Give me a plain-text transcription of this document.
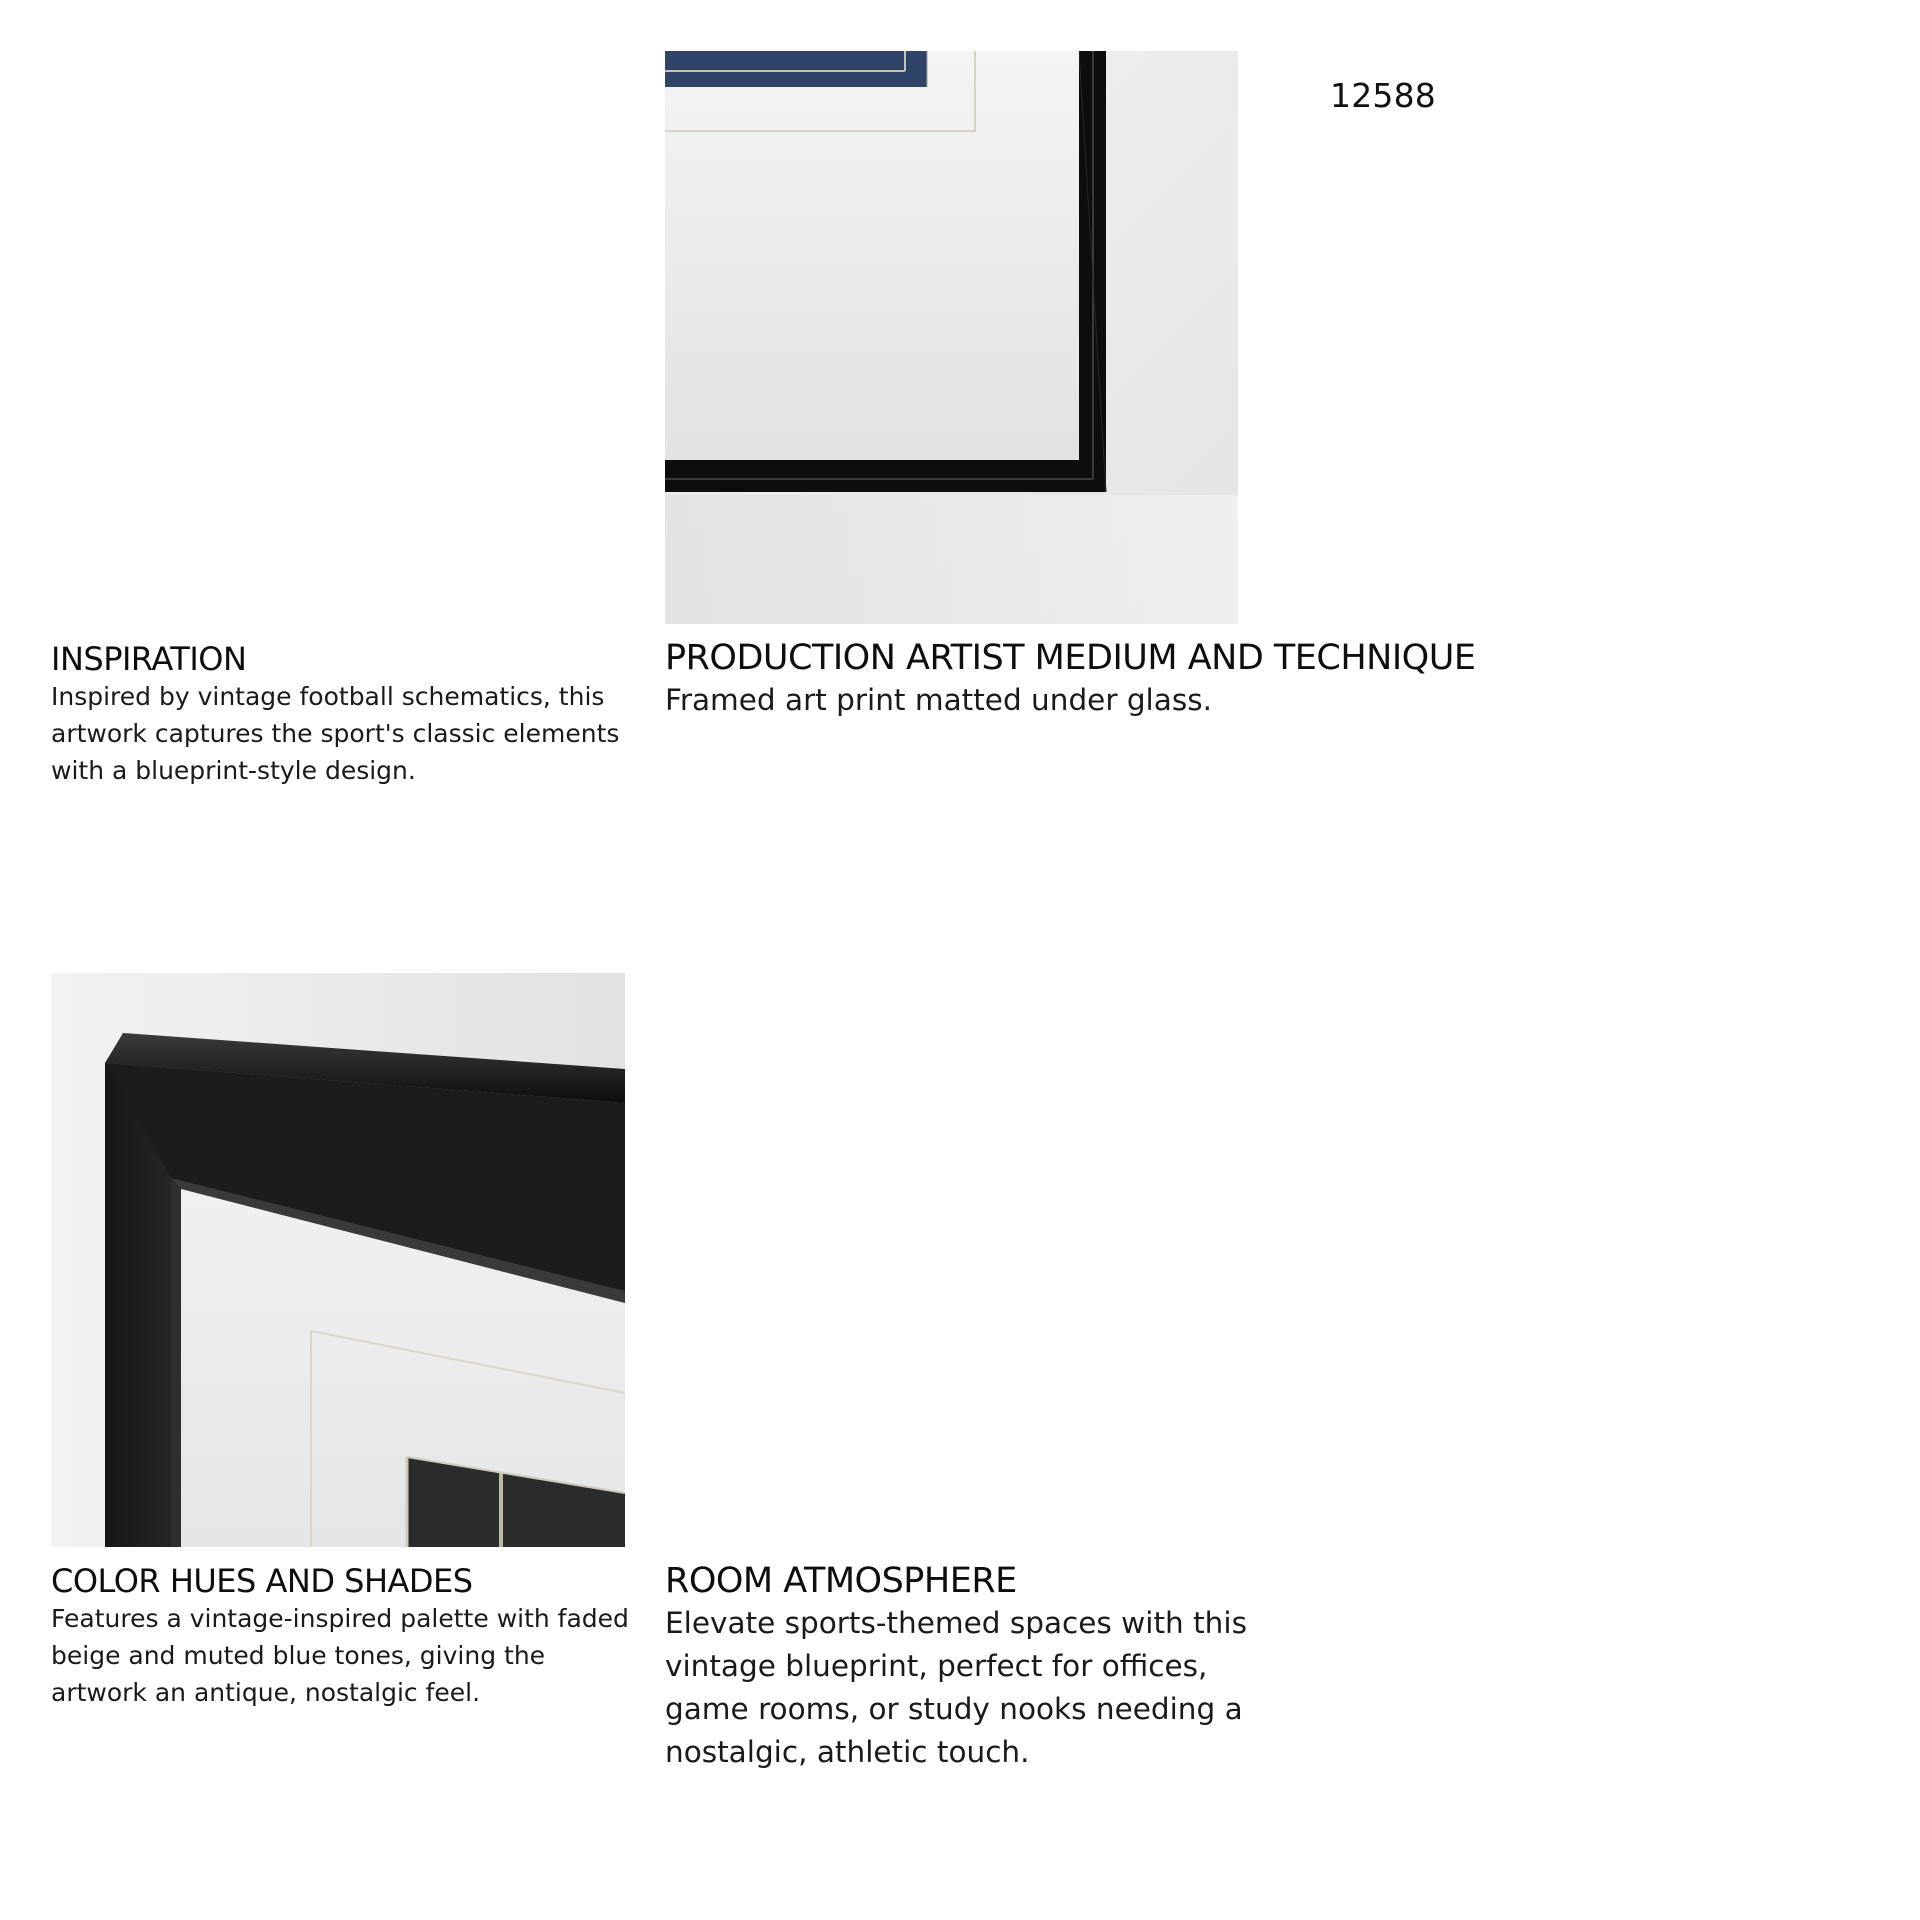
12588
INSPIRATION

Inspired by vintage football schematics, this artwork captures the sport's classic elements with a blueprint-style design.

PRODUCTION ARTIST MEDIUM AND TECHNIQUE

Framed art print matted under glass.

COLOR HUES AND SHADES

Features a vintage-inspired palette with faded beige and muted blue tones, giving the artwork an antique, nostalgic feel.

ROOM ATMOSPHERE

Elevate sports-themed spaces with this vintage blueprint, perfect for offices, game rooms, or study nooks needing a nostalgic, athletic touch.
